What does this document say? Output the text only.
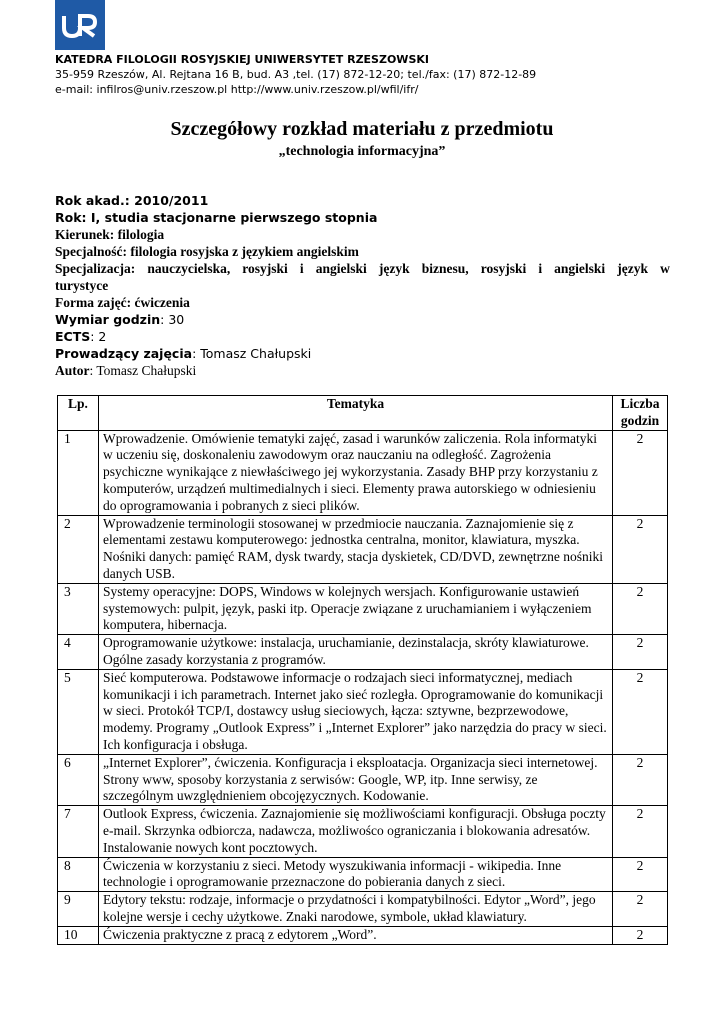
KATEDRA FILOLOGII ROSYJSKIEJ UNIWERSYTET RZESZOWSKI
35-959 Rzeszów, Al. Rejtana 16 B, bud. A3 ,tel. (17) 872-12-20; tel./fax: (17) 872-12-89
e-mail: infilros@univ.rzeszow.pl http://www.univ.rzeszow.pl/wfil/ifr/
Szczegółowy rozkład materiału z przedmiotu
„technologia informacyjna”
Rok akad.: 2010/2011
Rok: I, studia stacjonarne pierwszego stopnia
Kierunek: filologia
Specjalność: filologia rosyjska z językiem angielskim
Specjalizacja: nauczycielska, rosyjski i angielski język biznesu, rosyjski i angielski język w
turystyce
Forma zajęć: ćwiczenia
Wymiar godzin: 30
ECTS: 2
Prowadzący zajęcia: Tomasz Chałupski
Autor: Tomasz Chałupski
Lp.	Tematyka	Liczba
godzin

1	Wprowadzenie. Omówienie tematyki zajęć, zasad i warunków zaliczenia. Rola informatyki w uczeniu się, doskonaleniu zawodowym oraz nauczaniu na odległość. Zagrożenia psychiczne wynikające z niewłaściwego jej wykorzystania. Zasady BHP przy korzystaniu z komputerów, urządzeń multimedialnych i sieci. Elementy prawa autorskiego w odniesieniu do oprogramowania i pobranych z sieci plików.	2
2	Wprowadzenie terminologii stosowanej w przedmiocie nauczania. Zaznajomienie się z elementami zestawu komputerowego: jednostka centralna, monitor, klawiatura, myszka. Nośniki danych: pamięć RAM, dysk twardy, stacja dyskietek, CD/DVD, zewnętrzne nośniki danych USB.	2
3	Systemy operacyjne: DOPS, Windows w kolejnych wersjach. Konfigurowanie ustawień systemowych: pulpit, język, paski itp. Operacje związane z uruchamianiem i wyłączeniem komputera, hibernacja.	2
4	Oprogramowanie użytkowe: instalacja, uruchamianie, dezinstalacja, skróty klawiaturowe. Ogólne zasady korzystania z programów.	2
5	Sieć komputerowa. Podstawowe informacje o rodzajach sieci informatycznej, mediach komunikacji i ich parametrach. Internet jako sieć rozległa. Oprogramowanie do komunikacji w sieci. Protokół TCP/I, dostawcy usług sieciowych, łącza: sztywne, bezprzewodowe, modemy. Programy „Outlook Express” i „Internet Explorer” jako narzędzia do pracy w sieci. Ich konfiguracja i obsługa.	2
6	„Internet Explorer”, ćwiczenia. Konfiguracja i eksploatacja. Organizacja sieci internetowej. Strony www, sposoby korzystania z serwisów: Google, WP, itp. Inne serwisy, ze szczególnym uwzględnieniem obcojęzycznych. Kodowanie.	2
7	Outlook Express, ćwiczenia. Zaznajomienie się możliwościami konfiguracji. Obsługa poczty e-mail. Skrzynka odbiorcza, nadawcza, możliwośco ograniczania i blokowania adresatów. Instalowanie nowych kont pocztowych.	2
8	Ćwiczenia w korzystaniu z sieci. Metody wyszukiwania informacji - wikipedia. Inne technologie i oprogramowanie przeznaczone do pobierania danych z sieci.	2
9	Edytory tekstu: rodzaje, informacje o przydatności i kompatybilności. Edytor „Word”, jego kolejne wersje i cechy użytkowe. Znaki narodowe, symbole, układ klawiatury.	2
10	Ćwiczenia praktyczne z pracą z edytorem „Word”.	2
